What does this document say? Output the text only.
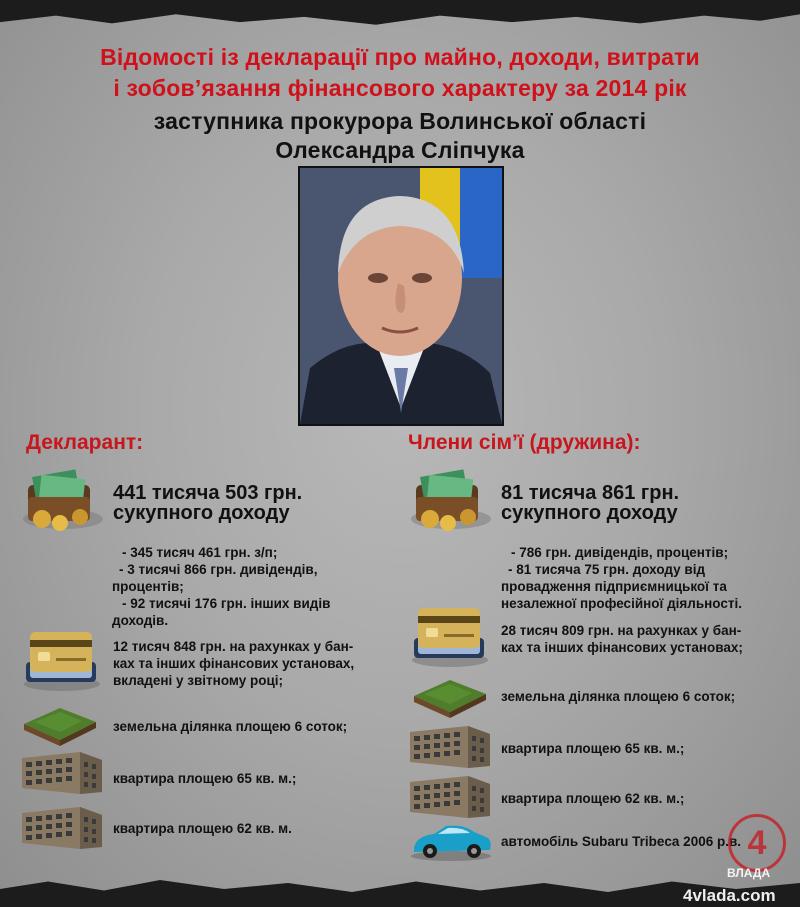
Відомості із декларації про майно, доходи, витрати
і зобов’язання фінансового характеру за 2014 рік
заступника прокурора Волинської області
Олександра Сліпчука
Декларант:	Члени сім’ї (дружина):
441 тисяча 503 грн.
сукупного доходу
- 345 тисяч 461 грн. з/п;
- 3 тисячі 866 грн. дивідендів,
процентів;
- 92 тисячі 176 грн. інших видів
доходів.
12 тисяч 848 грн. на рахунках у бан-
ках та інших фінансових установах,
вкладені у звітному році;
земельна ділянка площею 6 соток;
квартира площею 65 кв. м.;
квартира площею 62 кв. м.
81 тисяча 861 грн.
сукупного доходу
- 786 грн. дивідендів, процентів;
- 81 тисяча 75 грн. доходу від
провадження підприємницької та
незалежної професійної діяльності.
28 тисяч 809 грн. на рахунках у бан-
ках та інших фінансових установах;
земельна ділянка площею 6 соток;
квартира площею 65 кв. м.;
квартира площею 62 кв. м.;
автомобіль Subaru Tribeca 2006 р.в. 4
ВЛАДА
4vlada.com
